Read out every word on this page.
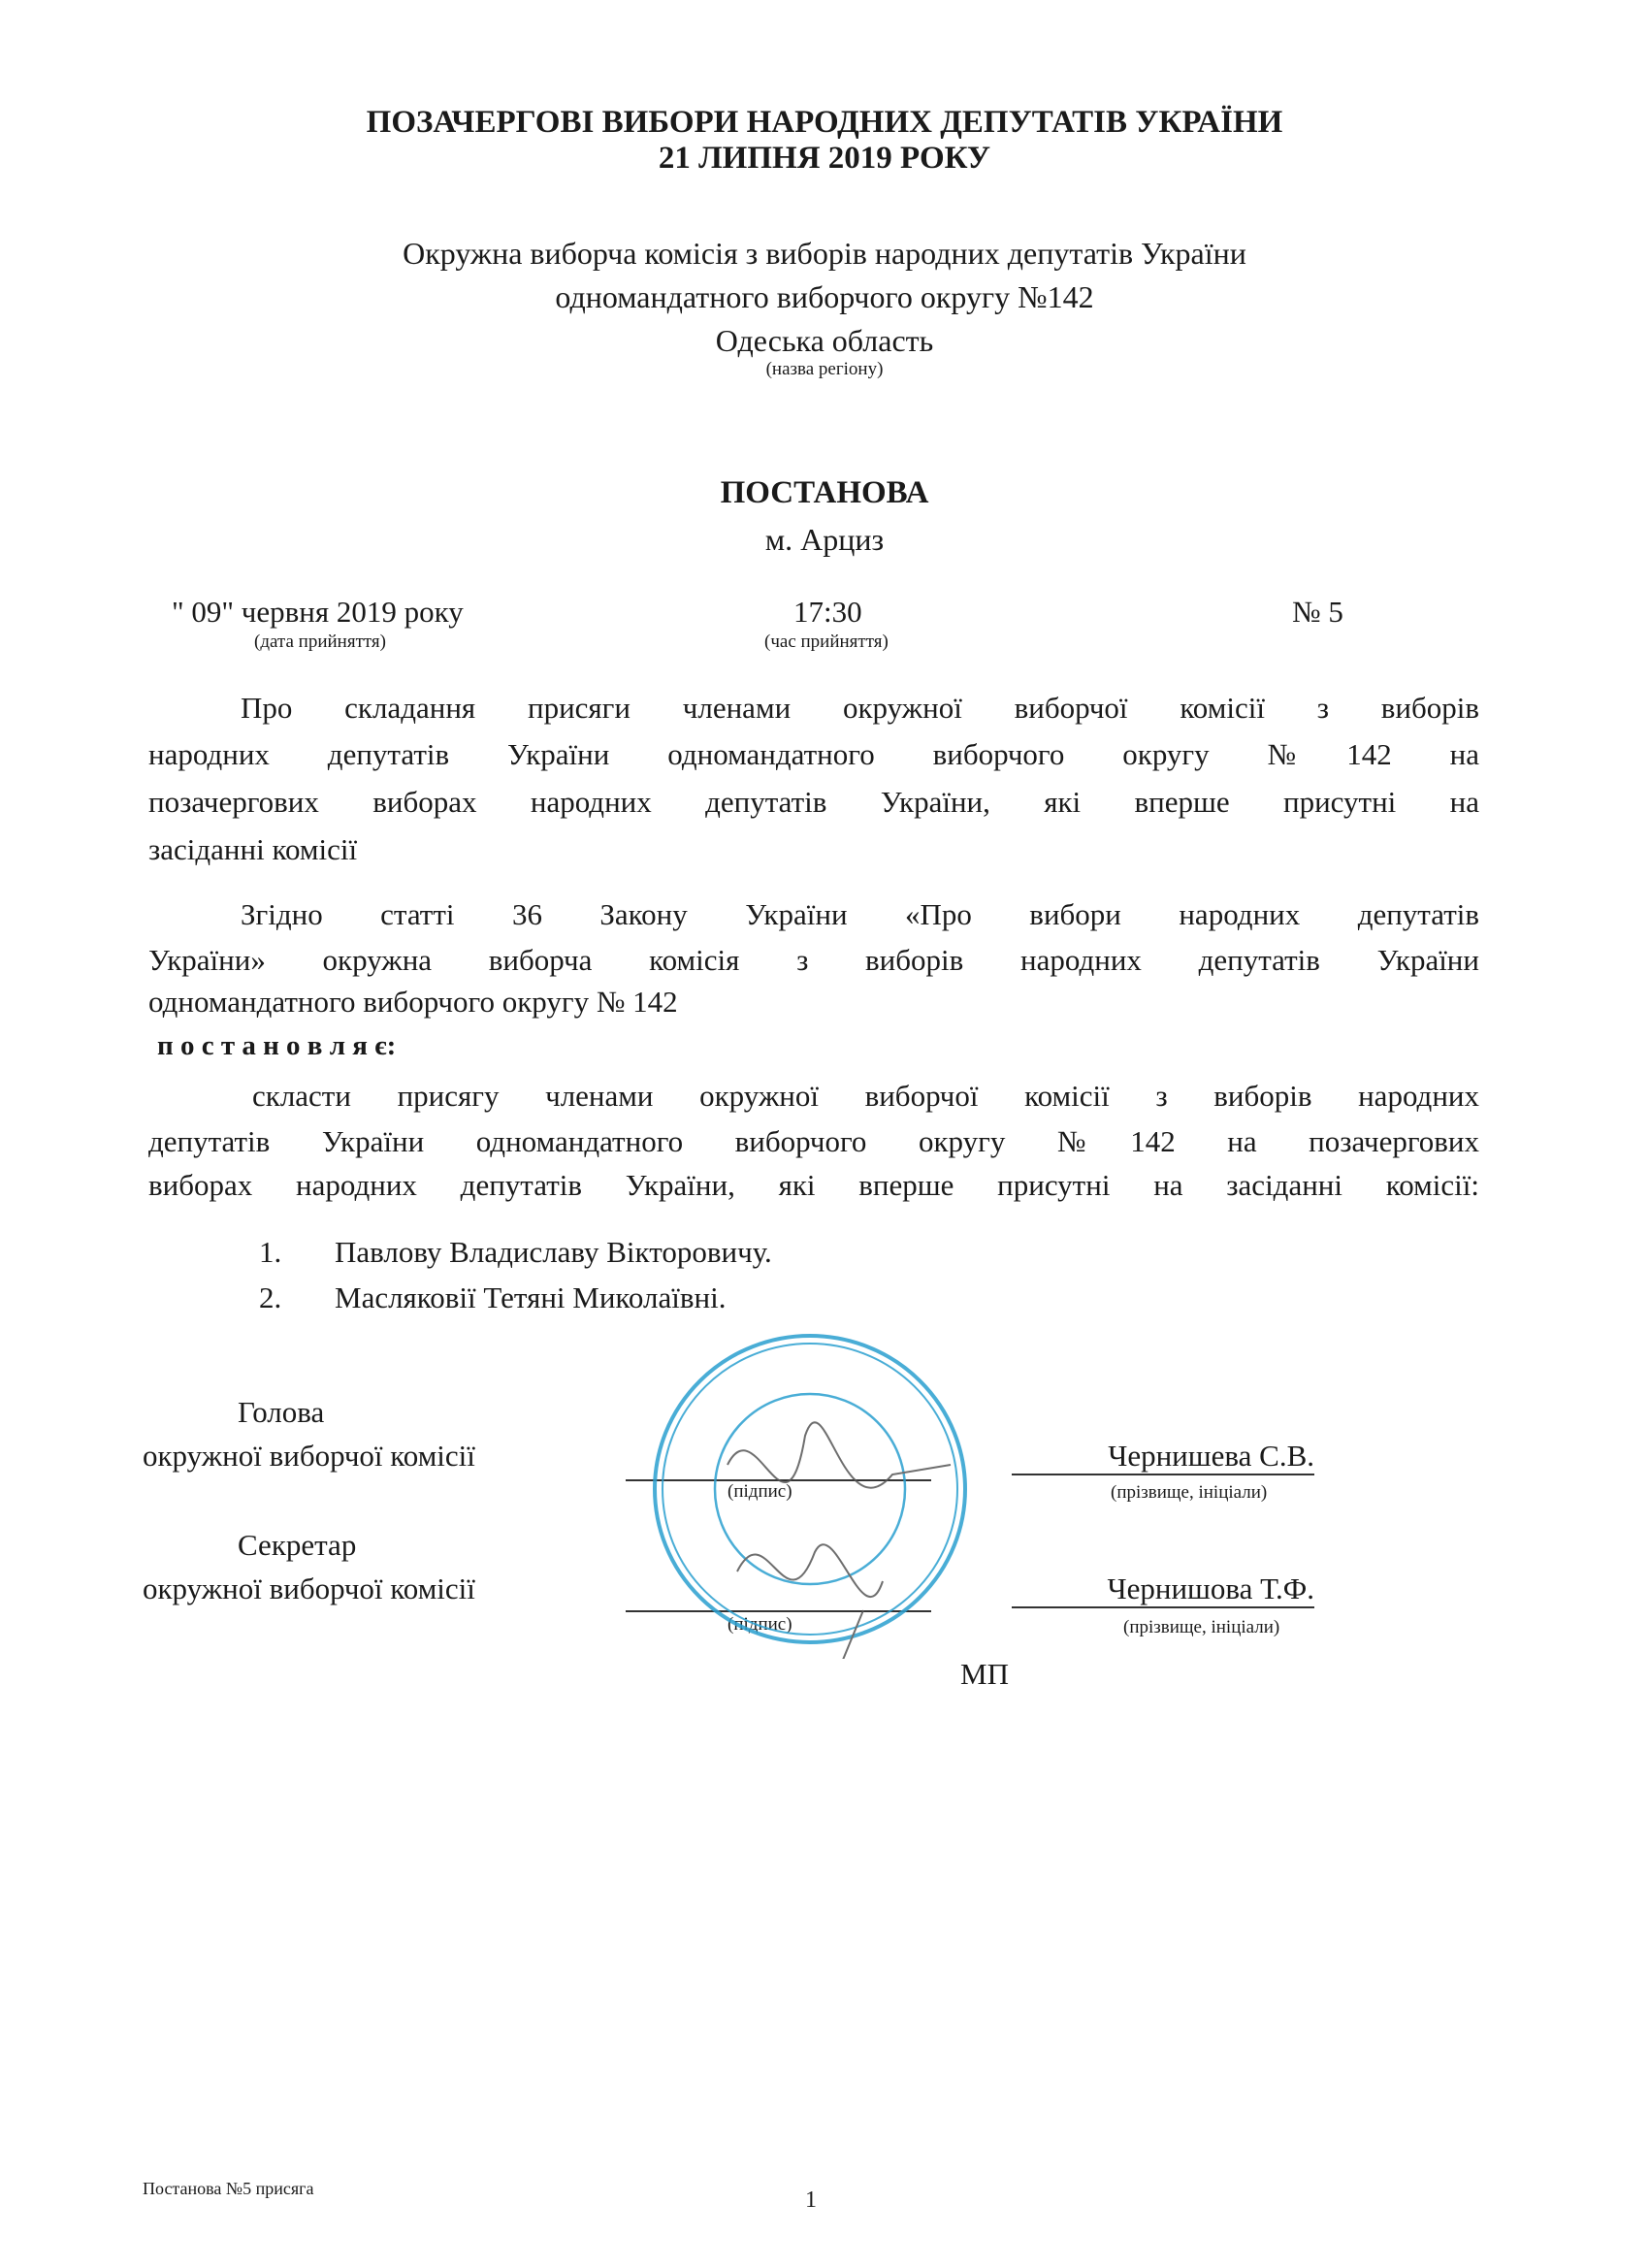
ПОЗАЧЕРГОВІ ВИБОРИ НАРОДНИХ ДЕПУТАТІВ УКРАЇНИ
21 ЛИПНЯ 2019 РОКУ
Окружна виборча комісія з виборів народних депутатів України
одномандатного виборчого округу №142
Одеська область
(назва регіону)
ПОСТАНОВА
м. Арциз
" 09" червня 2019 року
(дата прийняття)
17:30
(час прийняття)
№ 5
Про складання присяги членами окружної виборчої комісії з виборів
народних депутатів України одномандатного виборчого округу №142 на
позачергових виборах народних депутатів України, які вперше присутні на
засіданні комісії
Згідно статті 36 Закону України «Про вибори народних депутатів
України» окружна виборча комісія з виборів народних депутатів України
одномандатного виборчого округу № 142
п о с т а н о в л я є:
скласти присягу членами окружної виборчої комісії з виборів народних
депутатів України одномандатного виборчого округу №142 на позачергових
виборах народних депутатів України, які вперше присутні на засіданні комісії:
1. Павлову Владиславу Вікторовичу.
2. Масляковії Тетяні Миколаївні.
Голова
окружної виборчої комісії
(підпис)
Чернишева С.В.
(прізвище, ініціали)
Секретар
окружної виборчої комісії
(підпис)
Чернишова Т.Ф.
(прізвище, ініціали)
МП
Постанова №5 присяга	1
